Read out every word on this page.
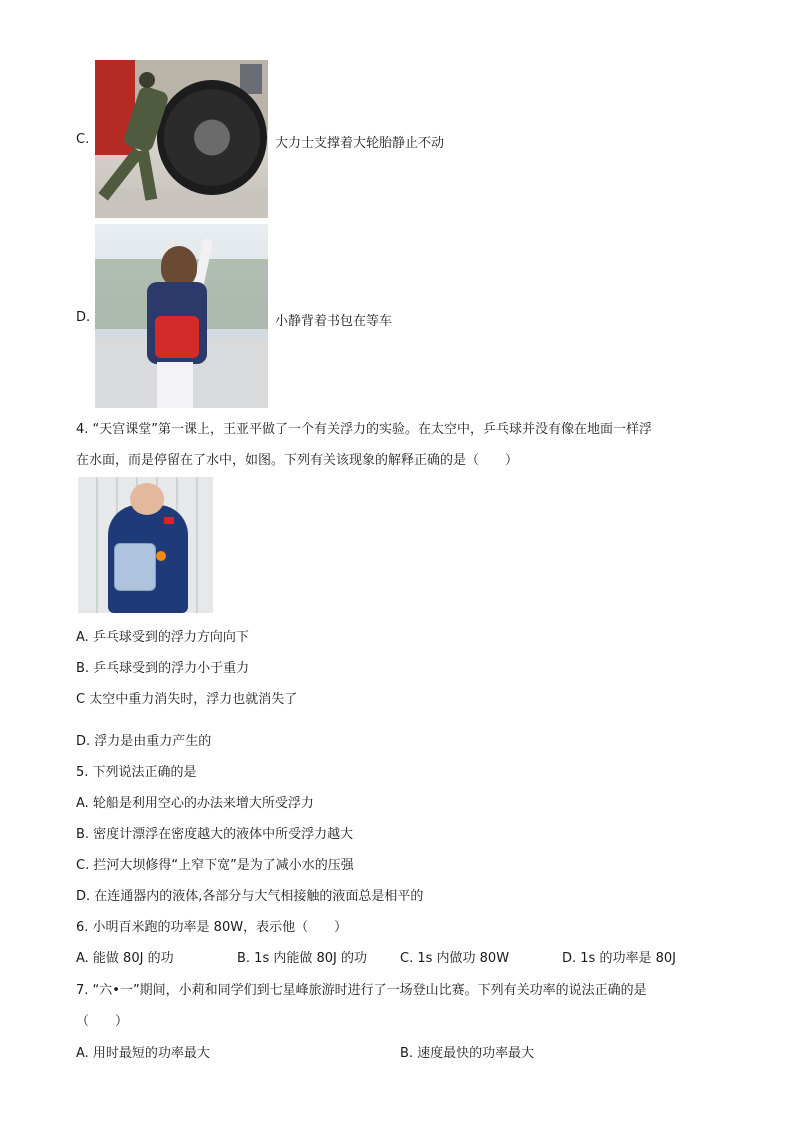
C.	大力士支撑着大轮胎静止不动
D.	小静背着书包在等车
4. “天宫课堂”第一课上，王亚平做了一个有关浮力的实验。在太空中，乒乓球并没有像在地面一样浮
在水面，而是停留在了水中，如图。下列有关该现象的解释正确的是（　　）
A. 乒乓球受到的浮力方向向下
B. 乒乓球受到的浮力小于重力
C 太空中重力消失时，浮力也就消失了
D. 浮力是由重力产生的
5. 下列说法正确的是
A. 轮船是利用空心的办法来增大所受浮力
B. 密度计漂浮在密度越大的液体中所受浮力越大
C. 拦河大坝修得“上窄下宽”是为了减小水的压强
D. 在连通器内的液体,各部分与大气相接触的液面总是相平的
6. 小明百米跑的功率是 80W，表示他（　　）
A. 能做 80J 的功	B. 1s 内能做 80J 的功	C. 1s 内做功 80W	D. 1s 的功率是 80J
7. “六•一”期间，小莉和同学们到七星峰旅游时进行了一场登山比赛。下列有关功率的说法正确的是
（　　）
A. 用时最短的功率最大	B. 速度最快的功率最大
